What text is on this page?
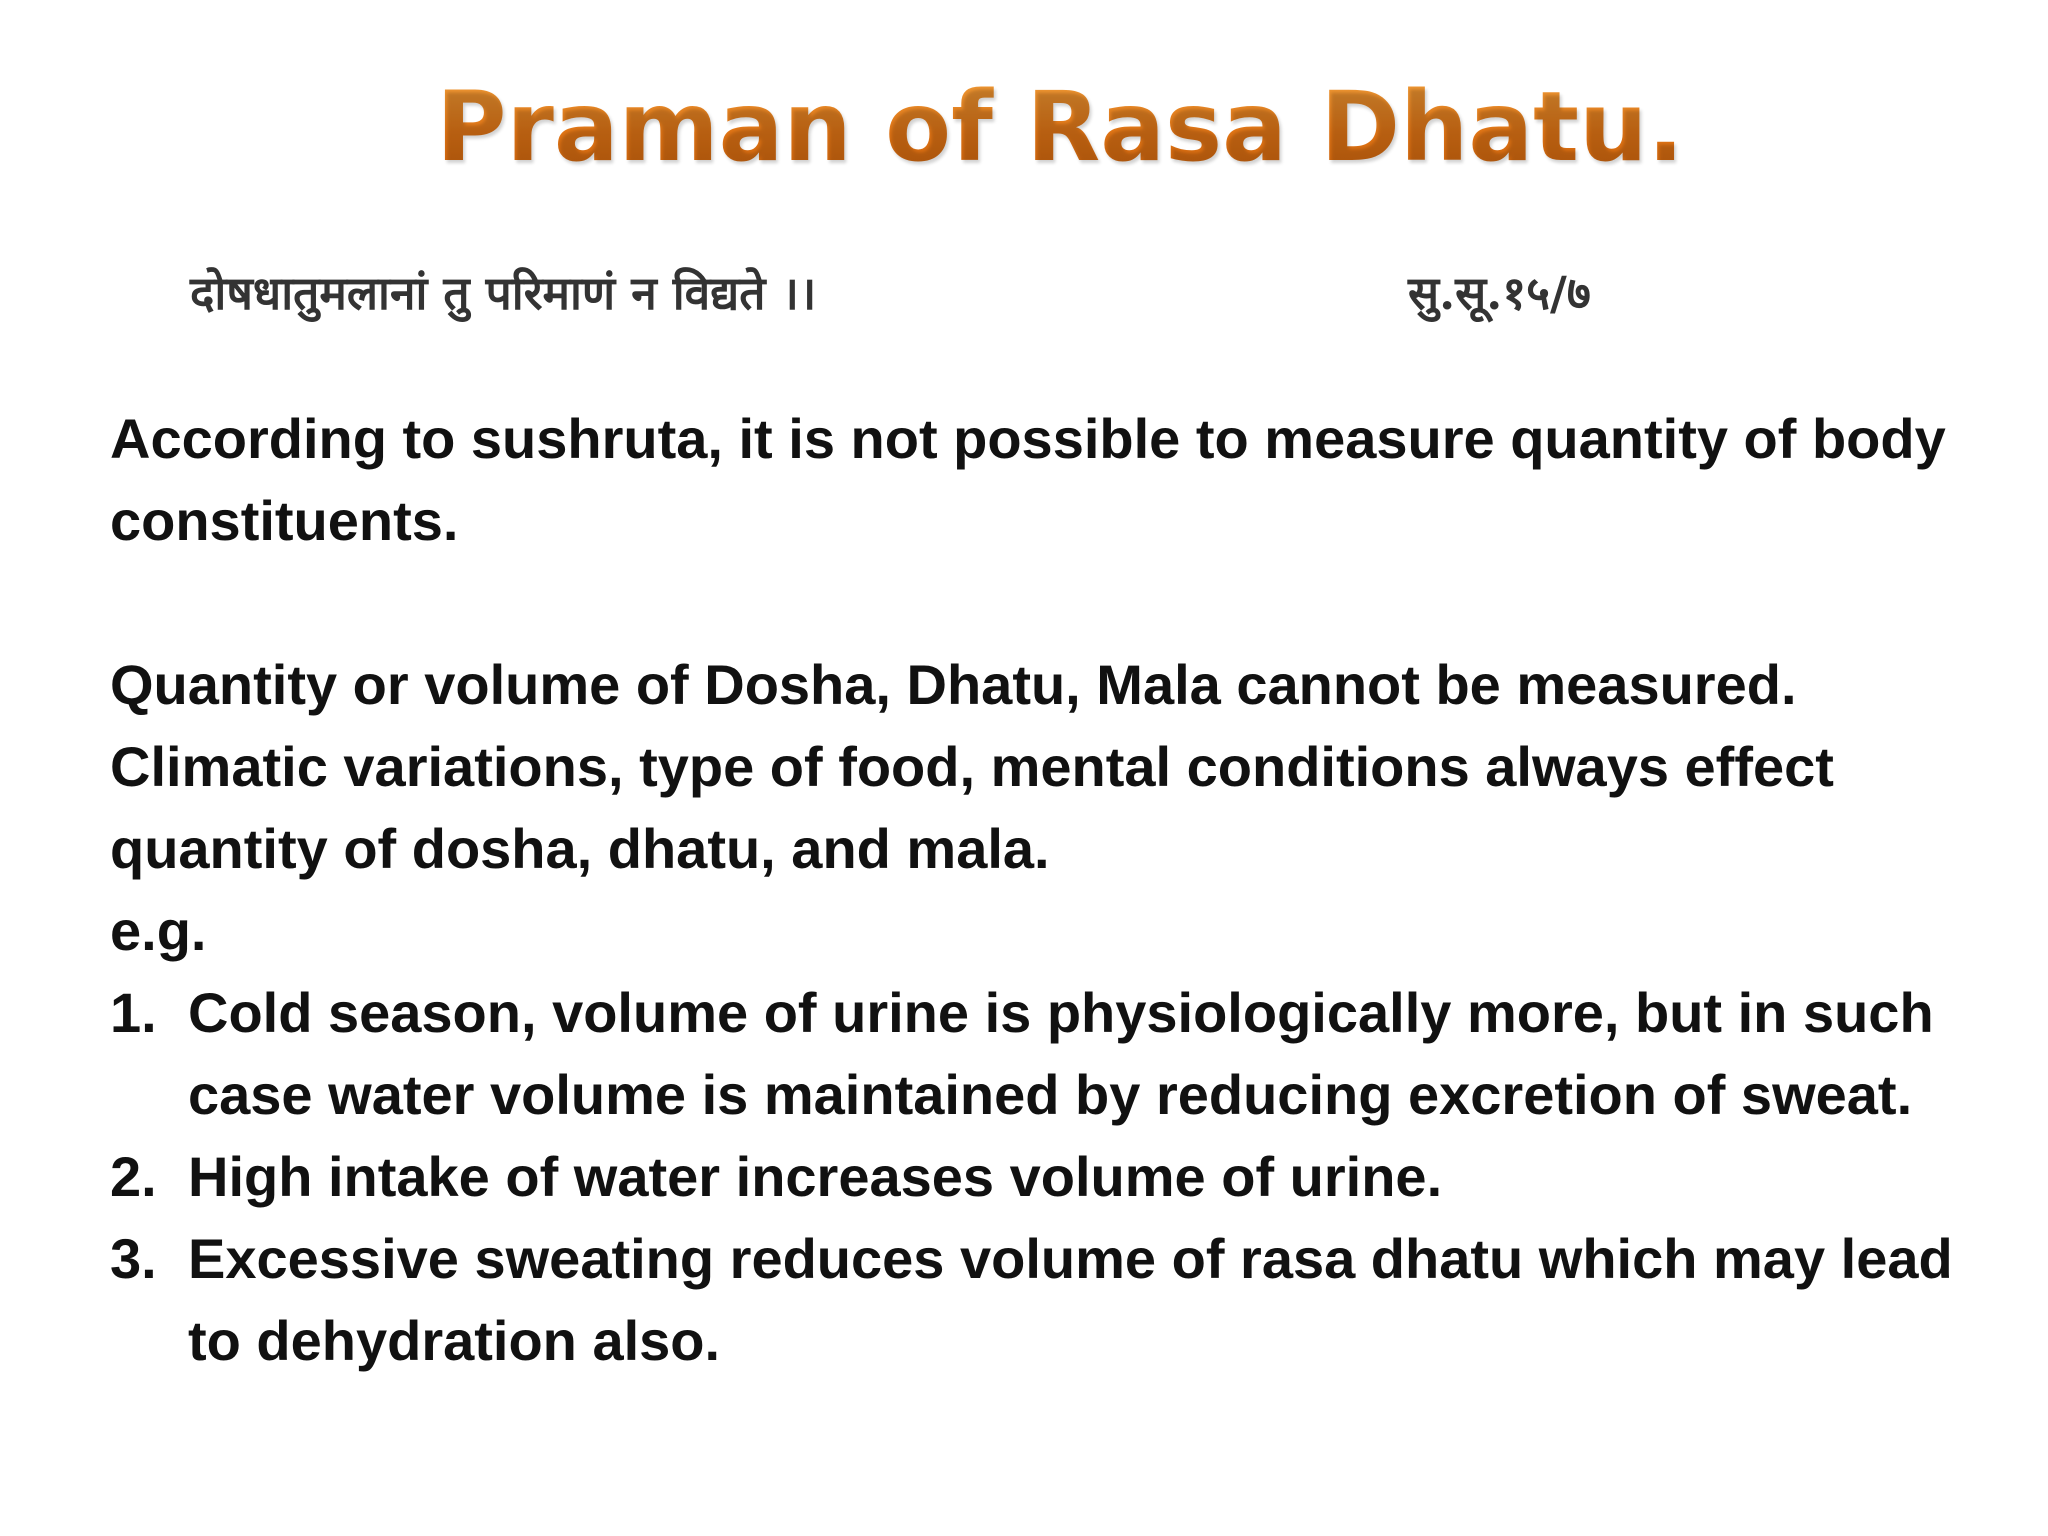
Praman of Rasa Dhatu.
दोषधातुमलानां तु परिमाणं न विद्यते ।।	सु.सू.१५/७

According to sushruta, it is not possible to measure quantity of body constituents.

Quantity or volume of Dosha, Dhatu, Mala cannot be measured. Climatic variations, type of food, mental conditions always effect quantity of dosha, dhatu, and mala.

e.g.

1. Cold season, volume of urine is physiologically more, but in such case water volume is maintained by reducing excretion of sweat.
2. High intake of water increases volume of urine.
3. Excessive sweating reduces volume of rasa dhatu which may lead to dehydration also.
